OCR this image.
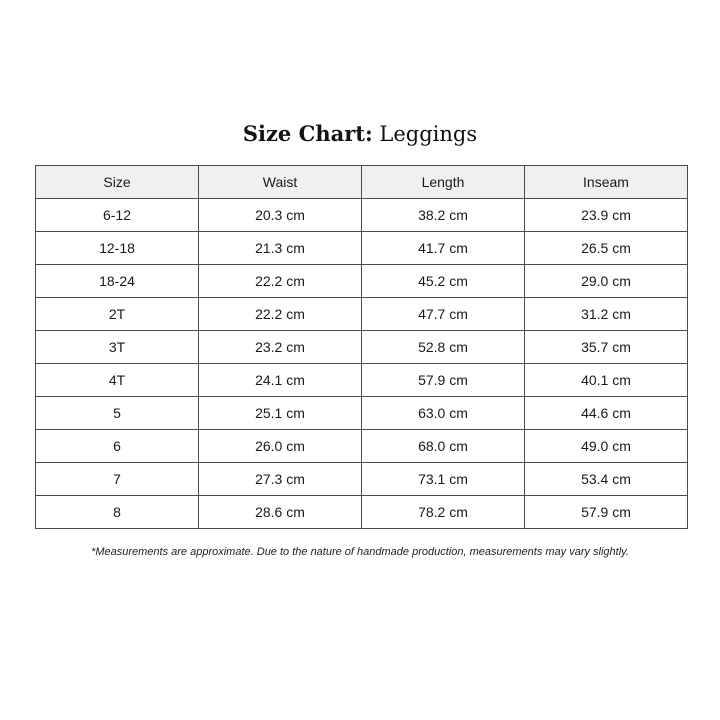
Size Chart: Leggings
Size	Waist	Length	Inseam
6-12	20.3 cm	38.2 cm	23.9 cm
12-18	21.3 cm	41.7 cm	26.5 cm
18-24	22.2 cm	45.2 cm	29.0 cm
2T	22.2 cm	47.7 cm	31.2 cm
3T	23.2 cm	52.8 cm	35.7 cm
4T	24.1 cm	57.9 cm	40.1 cm
5	25.1 cm	63.0 cm	44.6 cm
6	26.0 cm	68.0 cm	49.0 cm
7	27.3 cm	73.1 cm	53.4 cm
8	28.6 cm	78.2 cm	57.9 cm
*Measurements are approximate. Due to the nature of handmade production, measurements may vary slightly.
